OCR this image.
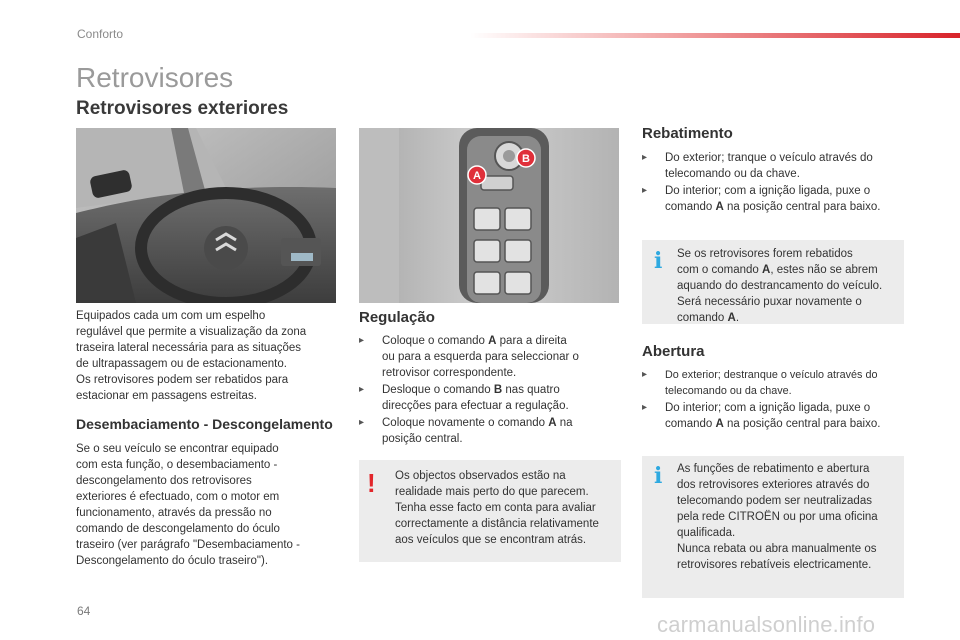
Conforto
Retrovisores
Retrovisores exteriores
Equipados cada um com um espelho
regulável que permite a visualização da zona
traseira lateral necessária para as situações
de ultrapassagem ou de estacionamento.
Os retrovisores podem ser rebatidos para
estacionar em passagens estreitas.
Desembaciamento - Descongelamento
Se o seu veículo se encontrar equipado
com esta função, o desembaciamento -
descongelamento dos retrovisores
exteriores é efectuado, com o motor em
funcionamento, através da pressão no
comando de descongelamento do óculo
traseiro (ver parágrafo "Desembaciamento -
Descongelamento do óculo traseiro").
A
B
Regulação
▸ Coloque o comando A para a direita
ou para a esquerda para seleccionar o
retrovisor correspondente.
▸ Desloque o comando B nas quatro
direcções para efectuar a regulação.
▸ Coloque novamente o comando A na
posição central.
! Os objectos observados estão na
realidade mais perto do que parecem.
Tenha esse facto em conta para avaliar
correctamente a distância relativamente
aos veículos que se encontram atrás.
Rebatimento
▸ Do exterior; tranque o veículo através do
telecomando ou da chave.
▸ Do interior; com a ignição ligada, puxe o
comando A na posição central para baixo.
i Se os retrovisores forem rebatidos
com o comando A, estes não se abrem
aquando do destrancamento do veículo.
Será necessário puxar novamente o
comando A.
Abertura
▸ Do exterior; destranque o veículo através do
telecomando ou da chave.
▸ Do interior; com a ignição ligada, puxe o
comando A na posição central para baixo.
i As funções de rebatimento e abertura
dos retrovisores exteriores através do
telecomando podem ser neutralizadas
pela rede CITROËN ou por uma oficina
qualificada.
Nunca rebata ou abra manualmente os
retrovisores rebatíveis electricamente.
64
carmanualsonline.info
